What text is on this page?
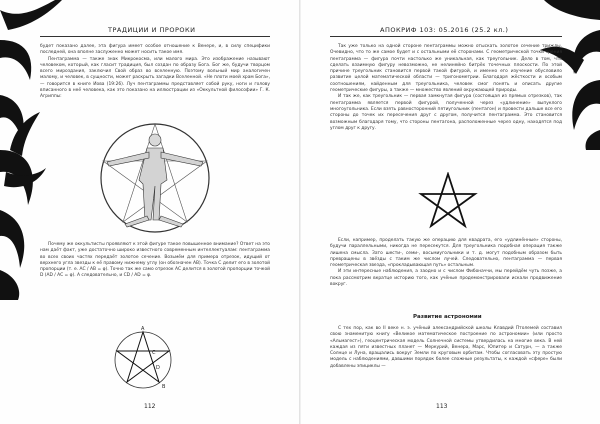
ТРАДИЦИИ И ПРОРОКИ

будет показано далее, эта фигура имеет особое отношение к Венере, и, в силу специфики последней, она вполне заслуженно может носить такое имя.

Пентаграмма — также знак Микрокосма, или малого мира. Это изображение называют человеком, который, как гласит традиция, был создан по образу Бога. Бог же, будучи творцом всего мироздания, заключил Свой образ во вселенную. Поэтому вольный мир аналогичен малому, и человек, в сущности, может раскрыть загадки Вселенной. «Не плоти моей храм Бога», — говорится в книге Иова (19:26). Луч пентаграммы представляет собой руку, ноги и голову вписанного в неё человека, как это показано на иллюстрации из «Оккультной философии» Г. К. Агриппы:

Почему же оккультисты проявляют к этой фигуре такое повышенное внимание? Ответ на это нам даёт факт, уже достаточно широко известного современным интеллектуалам: пентаграмма во всех своих частях передаёт золотое сечение. Возьмём для примера отрезок, идущий от верхнего угла звезды к её правому нижнему углу (он обозначен AB). Точка C делит его в золотой пропорции (т. е. AC / AB = φ). Точно так же само отрезок AC делится в золотой пропорции точкой D (AD / AC = φ). А следовательно, и CD / AD = φ.

A
C
D
B
112
АПОКРИФ 103: 05.2016 (25.2 кл.)

Так уже только на одной стороне пентаграммы можно отыскать золотое сечение трижды. Очевидно, что то же самое будет и с остальными её сторонами. С геометрической точки зрения пентаграмма — фигура почти настолько же уникальная, как треугольник. Дело в том, что сделать взаимную фигуру невозможно, не нелинейно битрёх точечных плоскости. По этой причине треугольник становится первой такой фигурой, и именно его изучение обусловило развитие целой математической области — тригонометрии. Благодаря жёсткости и особым соотношениям, найденным для треугольника, человек смог понять и описать другие геометрические фигуры, а также — множество явлений окружающей природы.

И так же, как треугольник — первая замкнутая фигура (состоящая из прямых отрезков), так пентаграмма является первой фигурой, полученной через «удлинение» выпуклого многоугольника. Если взять равносторонний пятиугольник (пентагон) и провести дальше все его стороны до точек их пересечения друг с другом, получится пентаграмма. Это становится возможным благодаря тому, что стороны пентагона, расположенные через одну, находятся под углом друг к другу.

Если, например, проделать такую же операцию для квадрата, его «удлинённые» стороны, будучи параллельными, никогда не пересекутся. Для треугольника подобная операция также лишена смысла. Зато шести-, семи-, восьмиугольники и т. д. могут подобным образом быть превращены в звёзды с таким же числом лучей. Следовательно, пентаграмма — первая геометрическая звезда, «прокладывающая путь» остальным.

И эти интересные наблюдения, а заодно и с числом Фибоначчи, мы перейдём чуть позже, а пока рассмотрим вкратце историю того, как учёные продемонстрировали искали продвижение вокруг.

Развитие астрономии

С тех пор, как во II веке н. э. учёный александрийской школы Клавдий Птолемей составил свою знаменитую книгу «Великое математическое построение по астрономии» (или просто «Альмагест»), геоцентрическая модель Солнечной системы утвердилась на многие века. В ней каждая из пяти известных планет — Меркурий, Венера, Марс, Юпитер и Сатурн, — а также Солнце и Луна, вращались вокруг Земли по круговым орбитам. Чтобы согласовать эту простую модель с наблюдениями, давшими порядок более сложные результаты, к каждой «сфере» были добавлены эпициклы —

113
